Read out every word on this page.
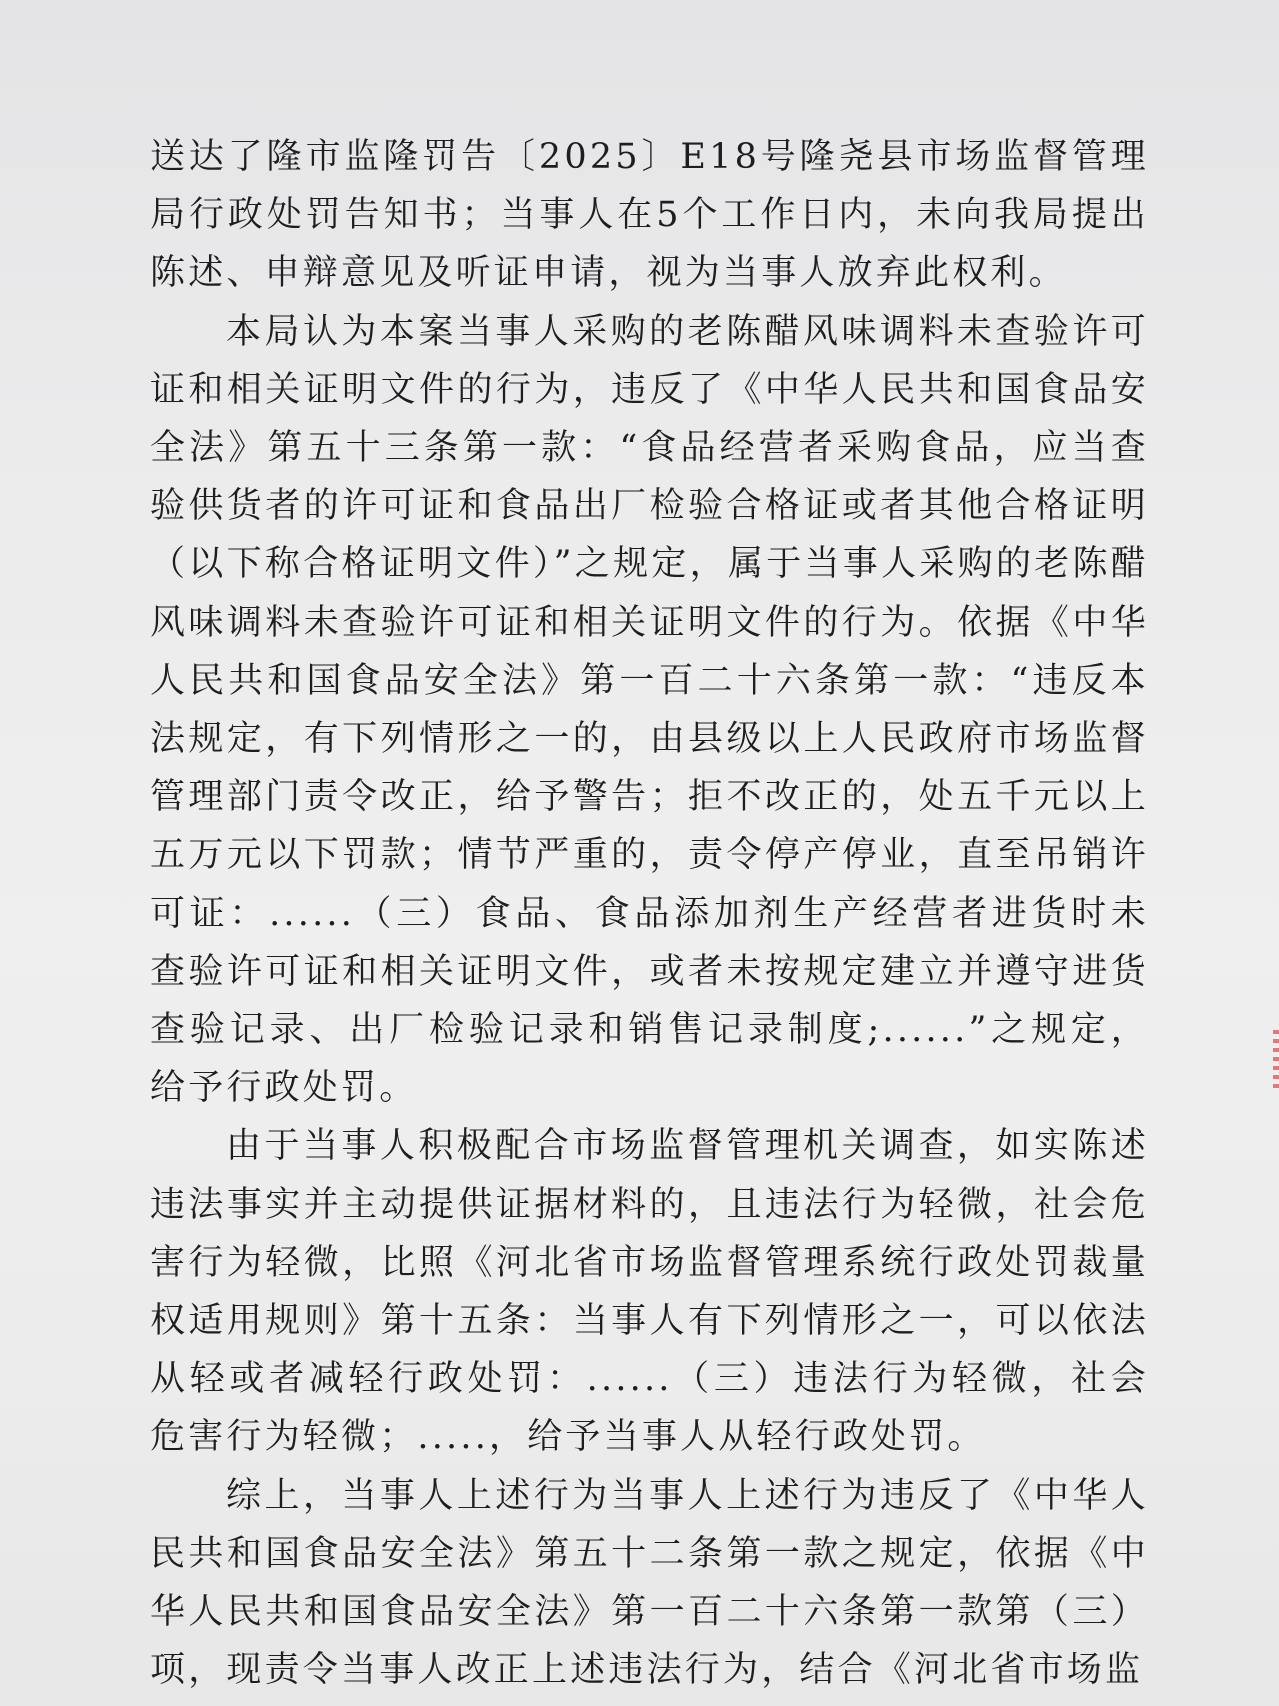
送达了隆市监隆罚告〔2025〕E18号隆尧县市场监督管理局行政处罚告知书；当事人在5个工作日内，未向我局提出陈述、申辩意见及听证申请，视为当事人放弃此权利。

本局认为本案当事人采购的老陈醋风味调料未查验许可证和相关证明文件的行为，违反了《中华人民共和国食品安全法》第五十三条第一款：“食品经营者采购食品，应当查验供货者的许可证和食品出厂检验合格证或者其他合格证明（以下称合格证明文件）”之规定，属于当事人采购的老陈醋风味调料未查验许可证和相关证明文件的行为。依据《中华人民共和国食品安全法》第一百二十六条第一款：“违反本法规定，有下列情形之一的，由县级以上人民政府市场监督管理部门责令改正，给予警告；拒不改正的，处五千元以上五万元以下罚款；情节严重的，责令停产停业，直至吊销许可证：......（三）食品、食品添加剂生产经营者进货时未查验许可证和相关证明文件，或者未按规定建立并遵守进货查验记录、出厂检验记录和销售记录制度;......”之规定，给予行政处罚。

由于当事人积极配合市场监督管理机关调查，如实陈述违法事实并主动提供证据材料的，且违法行为轻微，社会危害行为轻微，比照《河北省市场监督管理系统行政处罚裁量权适用规则》第十五条：当事人有下列情形之一，可以依法从轻或者减轻行政处罚：......（三）违法行为轻微，社会危害行为轻微；.....，给予当事人从轻行政处罚。

综上，当事人上述行为当事人上述行为违反了《中华人民共和国食品安全法》第五十二条第一款之规定，依据《中华人民共和国食品安全法》第一百二十六条第一款第（三）项，现责令当事人改正上述违法行为，结合《河北省市场监
